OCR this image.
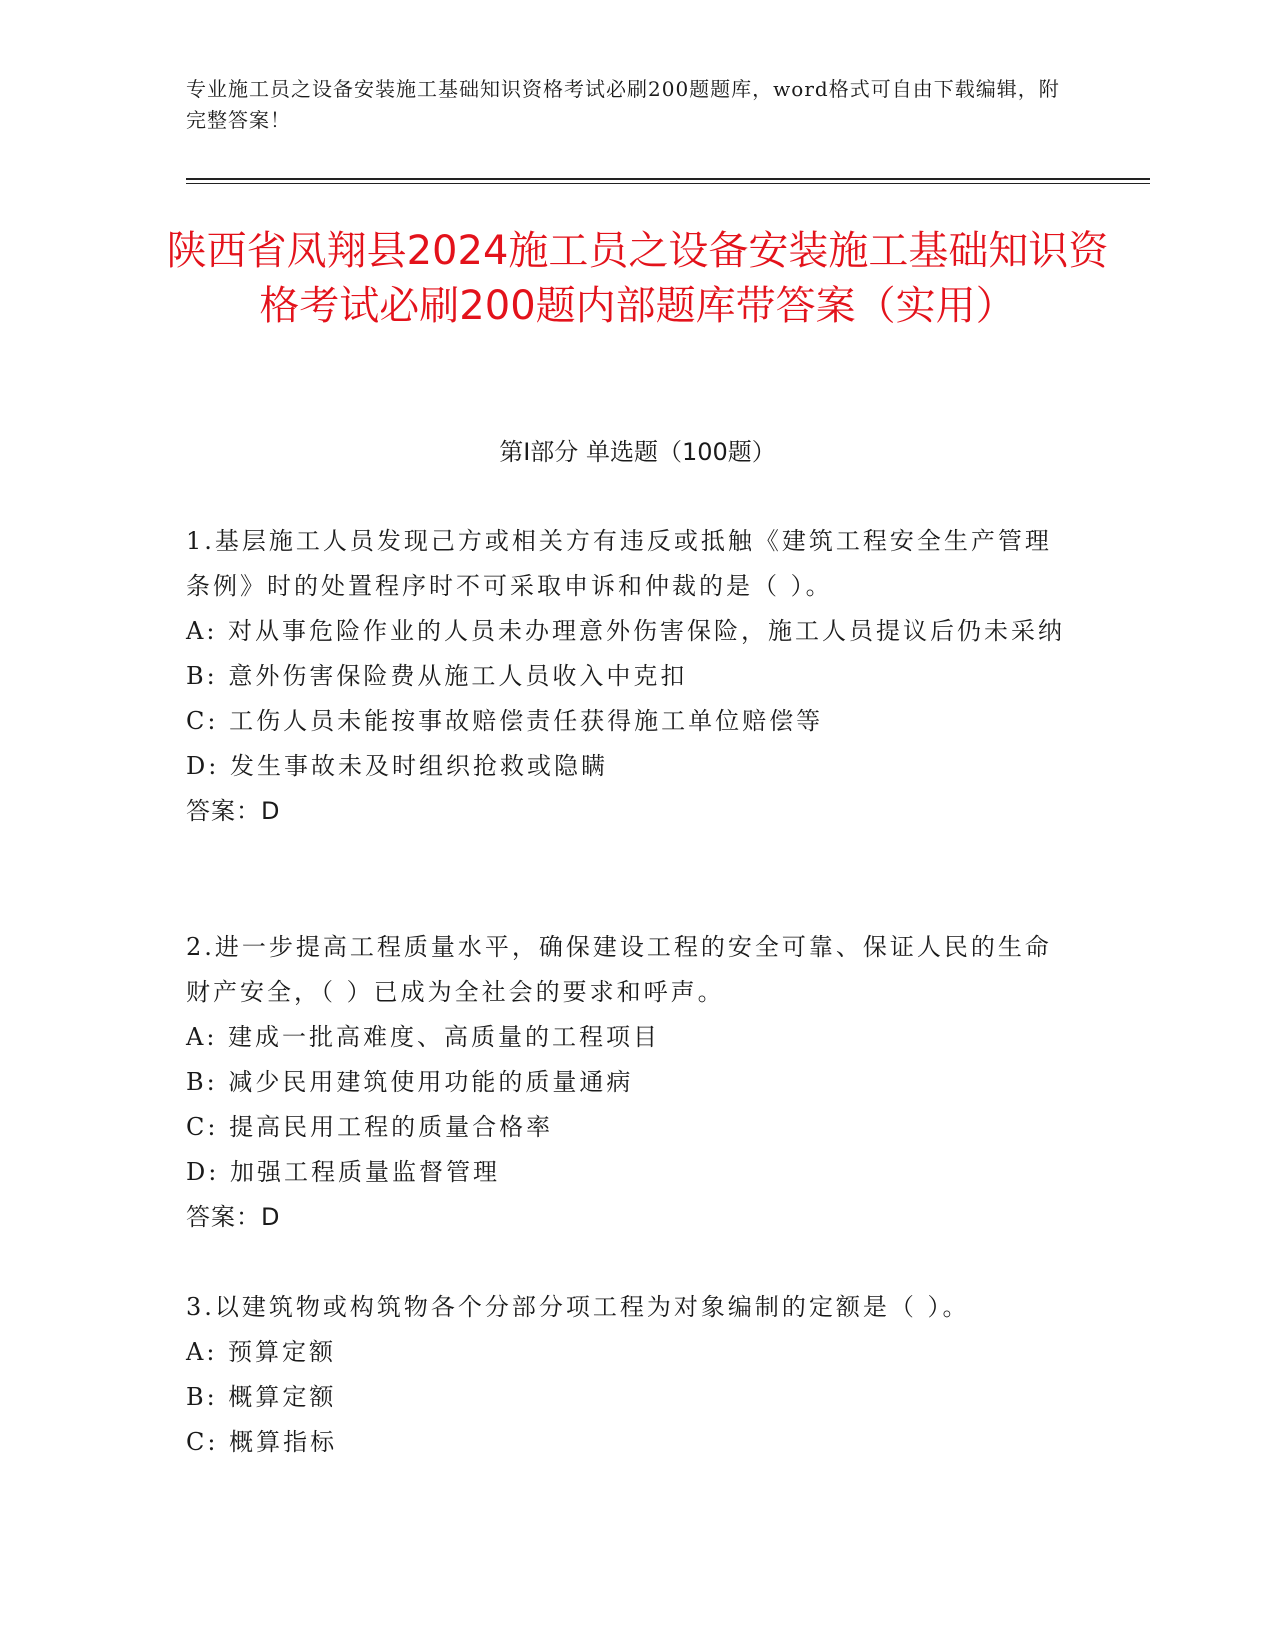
专业施工员之设备安装施工基础知识资格考试必刷200题题库，word格式可自由下载编辑，附完整答案！
陕西省凤翔县2024施工员之设备安装施工基础知识资格考试必刷200题内部题库带答案（实用）
第Ⅰ部分 单选题（100题）
1.基层施工人员发现己方或相关方有违反或抵触《建筑工程安全生产管理条例》时的处置程序时不可采取申诉和仲裁的是（ ）。
A: 对从事危险作业的人员未办理意外伤害保险，施工人员提议后仍未采纳
B: 意外伤害保险费从施工人员收入中克扣
C: 工伤人员未能按事故赔偿责任获得施工单位赔偿等
D: 发生事故未及时组织抢救或隐瞒
答案：D
2.进一步提高工程质量水平，确保建设工程的安全可靠、保证人民的生命财产安全，（ ）已成为全社会的要求和呼声。
A: 建成一批高难度、高质量的工程项目
B: 减少民用建筑使用功能的质量通病
C: 提高民用工程的质量合格率
D: 加强工程质量监督管理
答案：D
3.以建筑物或构筑物各个分部分项工程为对象编制的定额是（ ）。
A: 预算定额
B: 概算定额
C: 概算指标
